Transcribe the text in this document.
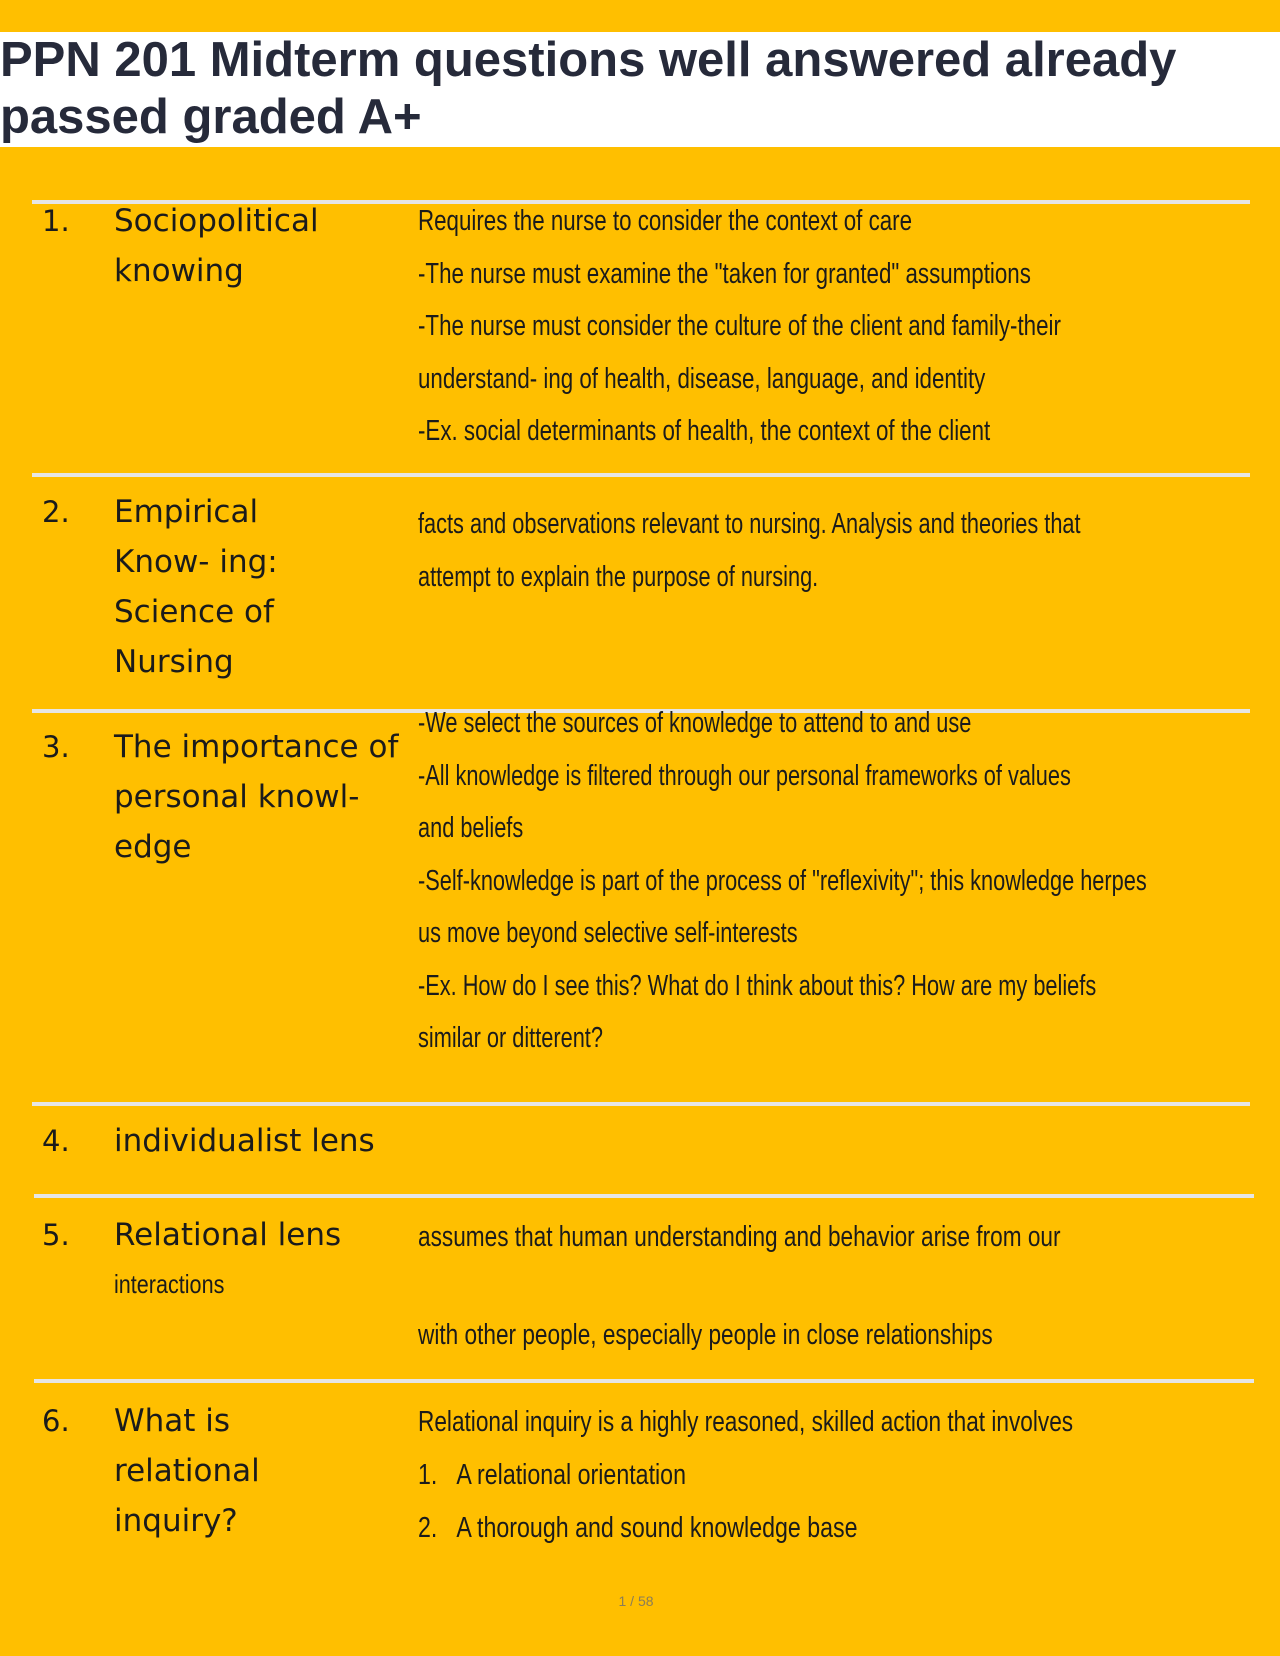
PPN 201 Midterm questions well answered already passed graded A+
1. Sociopolitical knowing
Requires the nurse to consider the context of care
-The nurse must examine the "taken for granted" assumptions
-The nurse must consider the culture of the client and family-their
understand- ing of health, disease, language, and identity
-Ex. social determinants of health, the context of the client
2. Empirical Know- ing: Science of Nursing
facts and observations relevant to nursing. Analysis and theories that
attempt to explain the purpose of nursing.
3. The importance of personal knowl- edge
-We select the sources of knowledge to attend to and use
-All knowledge is filtered through our personal frameworks of values
and beliefs
-Self-knowledge is part of the process of "reflexivity"; this knowledge herpes
us move beyond selective self-interests
-Ex. How do I see this? What do I think about this? How are my beliefs
similar or ditterent?
4. individualist lens
5. Relational lens
interactions
assumes that human understanding and behavior arise from our
with other people, especially people in close relationships
6. What is relational inquiry?
Relational inquiry is a highly reasoned, skilled action that involves
1. A relational orientation
2. A thorough and sound knowledge base
1 / 58
